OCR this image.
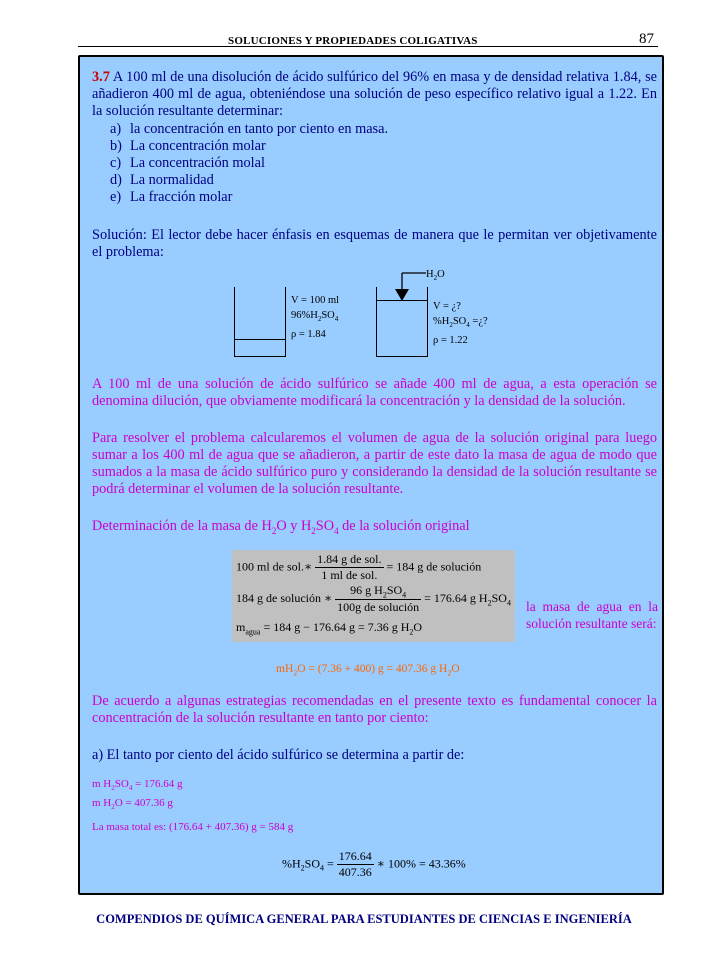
SOLUCIONES Y PROPIEDADES COLIGATIVAS	87
3.7 A 100 ml de una disolución de ácido sulfúrico del 96% en masa y de densidad relativa 1.84, se añadieron 400 ml de agua, obteniéndose una solución de peso específico relativo igual a 1.22. En la solución resultante determinar:
a) la concentración en tanto por ciento en masa.
b) La concentración molar
c) La concentración molal
d) La normalidad
e) La fracción molar
Solución: El lector debe hacer énfasis en esquemas de manera que le permitan ver objetivamente el problema:
V = 100 ml
$96\%H_2SO_4$
ρ = 1.84
$H_2O$
V = ¿?
$\%H_2SO_4$ =¿?
ρ = 1.22
A 100 ml de una solución de ácido sulfúrico se añade 400 ml de agua, a esta operación se denomina dilución, que obviamente modificará la concentración y la densidad de la solución.
Para resolver el problema calcularemos el volumen de agua de la solución original para luego sumar a los 400 ml de agua que se añadieron, a partir de este dato la masa de agua de modo que sumados a la masa de ácido sulfúrico puro y considerando la densidad de la solución resultante se podrá determinar el volumen de la solución resultante.
Determinación de la masa de $H_2O$ y $H_2SO_4$ de la solución original
100 ml de sol.∗ $\frac{\text{1.84 g de sol.}}{\text{1 ml de sol.}} = 184$ g de solución
184 g de solución ∗ $\frac{96 g H_2SO_4}{\text{100g de solución}} = 176.64$ g $H_2SO_4$
$m_{agua} = 184$ g − 176.64 g = 7.36 g $H_2O$
la masa de agua en la solución resultante será:
$mH_2O = (7.36 + 400) g = 407.36$ g $H_2O$
De acuerdo a algunas estrategias recomendadas en el presente texto es fundamental conocer la concentración de la solución resultante en tanto por ciento:
a) El tanto por ciento del ácido sulfúrico se determina a partir de:
m $H_2SO_4 = 176.64$ g
m $H_2O = 407.36$ g
La masa total es: (176.64 + 407.36) g = 584 g
$\%H_2SO_4 = \frac{176.64}{407.36}$ ∗ 100% = 43.36%
COMPENDIOS DE QUÍMICA GENERAL PARA ESTUDIANTES DE CIENCIAS E INGENIERÍA
